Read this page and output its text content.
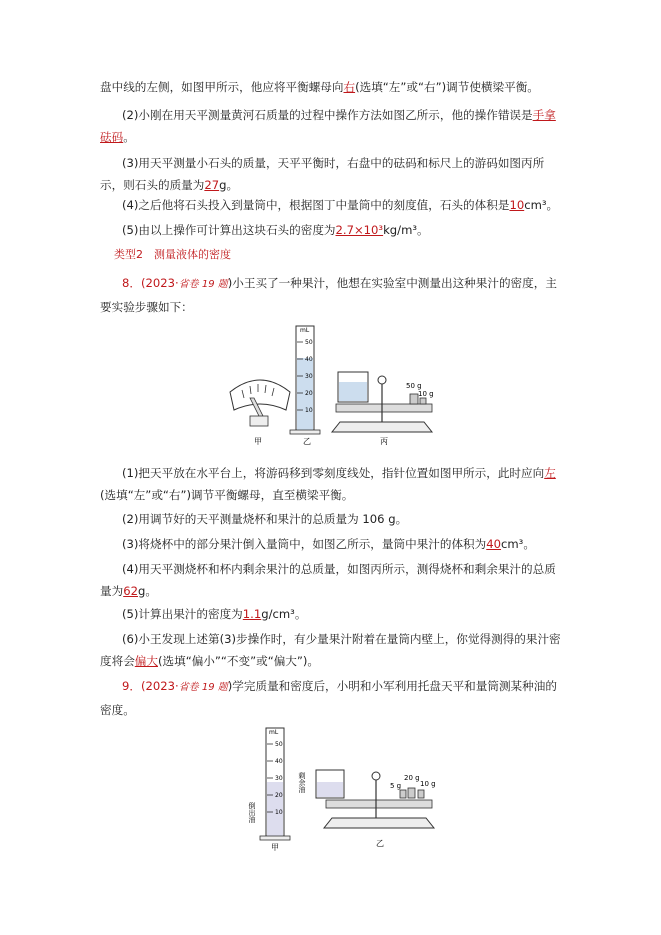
盘中线的左侧，如图甲所示，他应将平衡螺母向右(选填“左”或“右”)调节使横梁平衡。
(2)小刚在用天平测量黄河石质量的过程中操作方法如图乙所示，他的操作错误是手拿砝码。
(3)用天平测量小石头的质量，天平平衡时，右盘中的砝码和标尺上的游码如图丙所示，则石头的质量为27g。
(4)之后他将石头投入到量筒中，根据图丁中量筒中的刻度值，石头的体积是10cm³。
(5)由以上操作可计算出这块石头的密度为2.7×10³kg/m³。
类型2　测量液体的密度
8．(2023·省卷 19 题)小王买了一种果汁，他想在实验室中测量出这种果汁的密度，主要实验步骤如下：
甲
mL
50
40
30
20
10
乙
50 g
10 g
丙
(1)把天平放在水平台上，将游码移到零刻度线处，指针位置如图甲所示，此时应向左(选填“左”或“右”)调节平衡螺母，直至横梁平衡。
(2)用调节好的天平测量烧杯和果汁的总质量为 106 g。
(3)将烧杯中的部分果汁倒入量筒中，如图乙所示，量筒中果汁的体积为40cm³。
(4)用天平测烧杯和杯内剩余果汁的总质量，如图丙所示，测得烧杯和剩余果汁的总质量为62g。
(5)计算出果汁的密度为1.1g/cm³。
(6)小王发现上述第(3)步操作时，有少量果汁附着在量筒内壁上，你觉得测得的果汁密度将会偏大(选填“偏小”“不变”或“偏大”)。
9．(2023·省卷 19 题)学完质量和密度后，小明和小军利用托盘天平和量筒测某种油的密度。
倒出油
mL
50
40
30
20
10
甲
剩余油	5 g
20 g
10 g
乙
